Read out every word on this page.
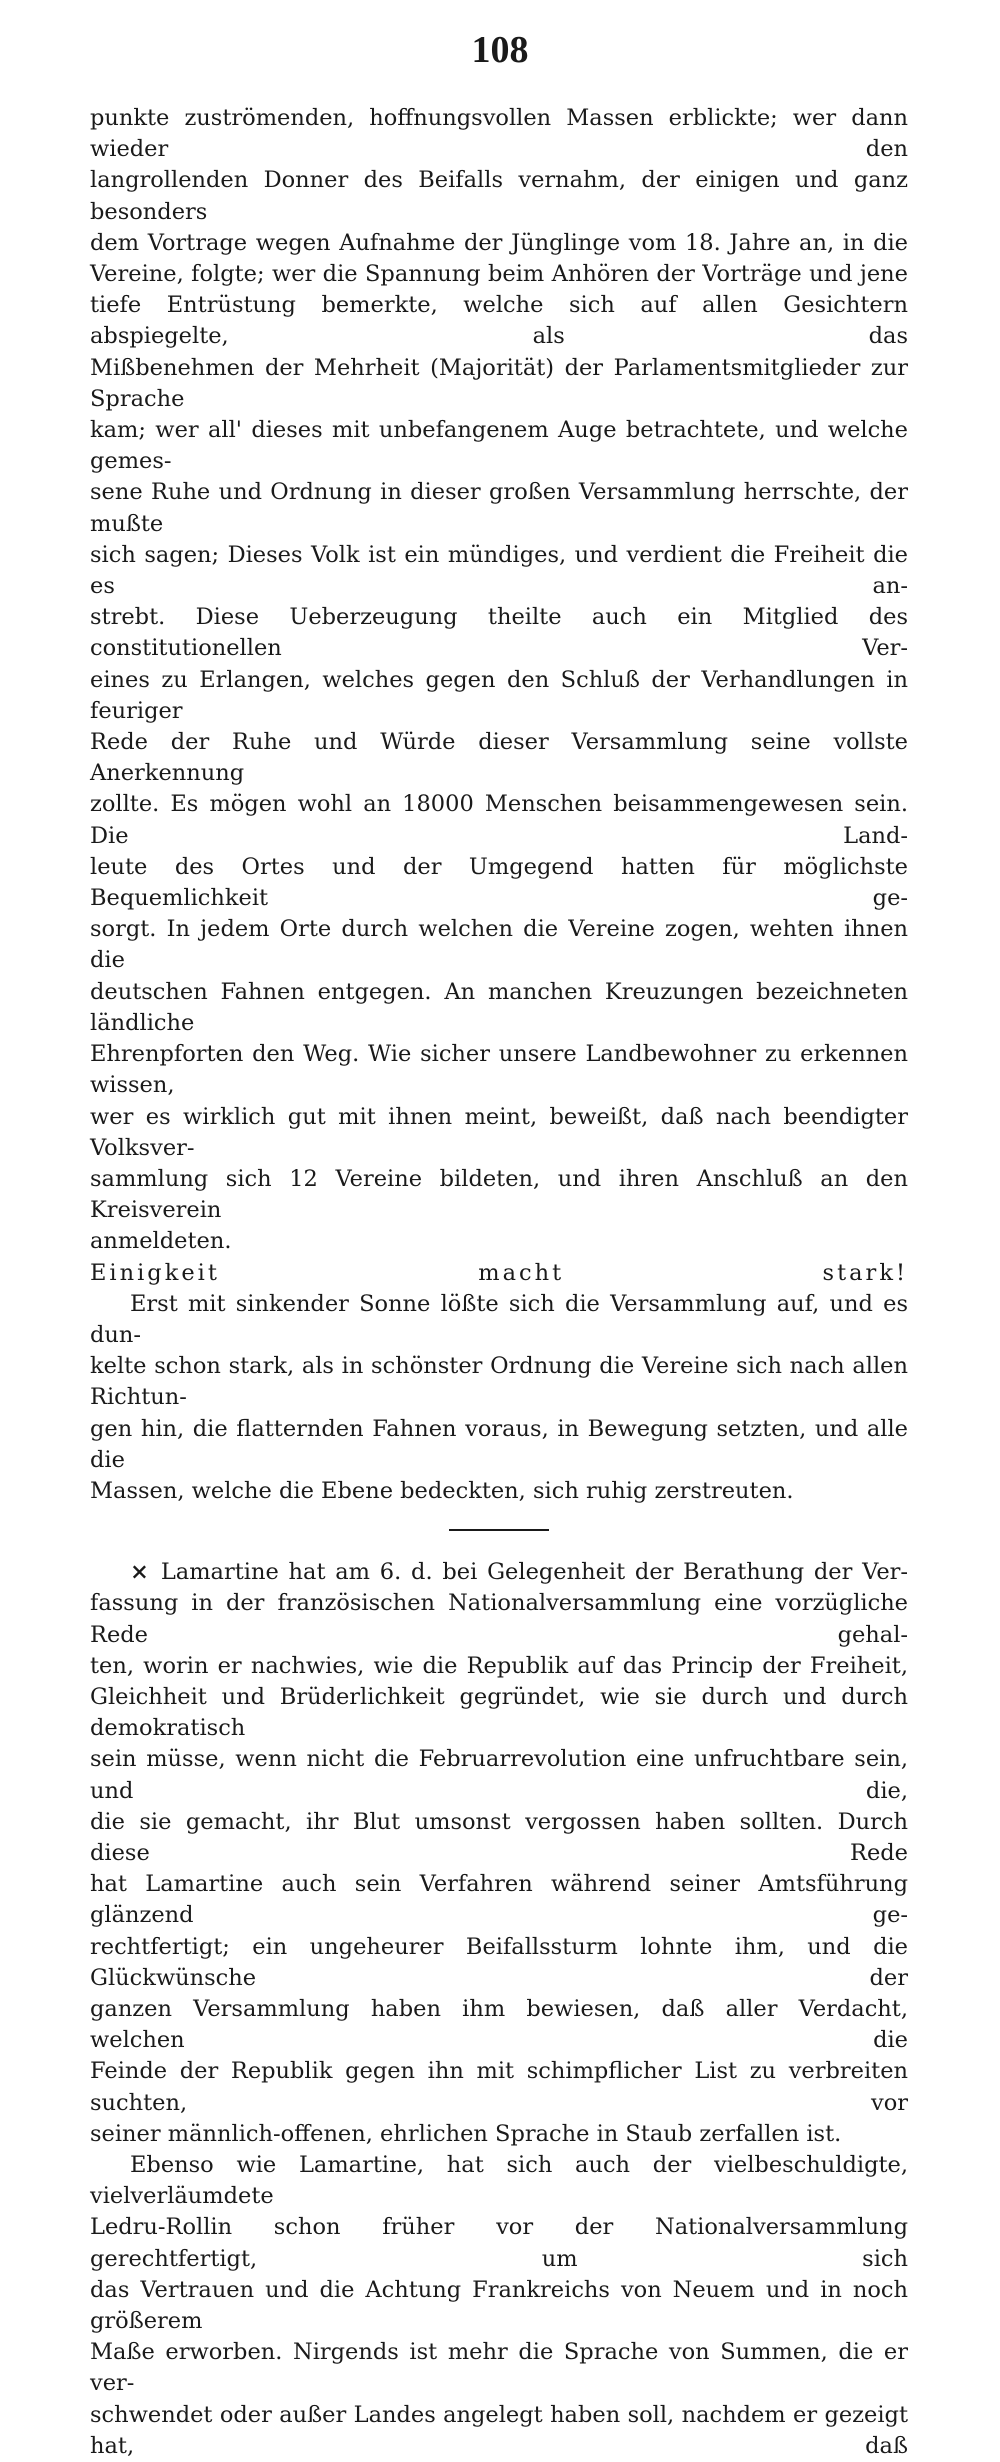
108

punkte zuströmenden, hoffnungsvollen Massen erblickte; wer dann wieder den
langrollenden Donner des Beifalls vernahm, der einigen und ganz besonders
dem Vortrage wegen Aufnahme der Jünglinge vom 18. Jahre an, in die
Vereine, folgte; wer die Spannung beim Anhören der Vorträge und jene
tiefe Entrüstung bemerkte, welche sich auf allen Gesichtern abspiegelte, als das
Mißbenehmen der Mehrheit (Majorität) der Parlamentsmitglieder zur Sprache
kam; wer all' dieses mit unbefangenem Auge betrachtete, und welche gemes-
sene Ruhe und Ordnung in dieser großen Versammlung herrschte, der mußte
sich sagen; Dieses Volk ist ein mündiges, und verdient die Freiheit die es an-
strebt. Diese Ueberzeugung theilte auch ein Mitglied des constitutionellen Ver-
eines zu Erlangen, welches gegen den Schluß der Verhandlungen in feuriger
Rede der Ruhe und Würde dieser Versammlung seine vollste Anerkennung
zollte. Es mögen wohl an 18000 Menschen beisammengewesen sein. Die Land-
leute des Ortes und der Umgegend hatten für möglichste Bequemlichkeit ge-
sorgt. In jedem Orte durch welchen die Vereine zogen, wehten ihnen die
deutschen Fahnen entgegen. An manchen Kreuzungen bezeichneten ländliche
Ehrenpforten den Weg. Wie sicher unsere Landbewohner zu erkennen wissen,
wer es wirklich gut mit ihnen meint, beweißt, daß nach beendigter Volksver-
sammlung sich 12 Vereine bildeten, und ihren Anschluß an den Kreisverein
anmeldeten.

Einigkeit macht stark!

Erst mit sinkender Sonne lößte sich die Versammlung auf, und es dun-
kelte schon stark, als in schönster Ordnung die Vereine sich nach allen Richtun-
gen hin, die flatternden Fahnen voraus, in Bewegung setzten, und alle die
Massen, welche die Ebene bedeckten, sich ruhig zerstreuten.

⨯ Lamartine hat am 6. d. bei Gelegenheit der Berathung der Ver-
fassung in der französischen Nationalversammlung eine vorzügliche Rede gehal-
ten, worin er nachwies, wie die Republik auf das Princip der Freiheit,
Gleichheit und Brüderlichkeit gegründet, wie sie durch und durch demokratisch
sein müsse, wenn nicht die Februarrevolution eine unfruchtbare sein, und die,
die sie gemacht, ihr Blut umsonst vergossen haben sollten. Durch diese Rede
hat Lamartine auch sein Verfahren während seiner Amtsführung glänzend ge-
rechtfertigt; ein ungeheurer Beifallssturm lohnte ihm, und die Glückwünsche der
ganzen Versammlung haben ihm bewiesen, daß aller Verdacht, welchen die
Feinde der Republik gegen ihn mit schimpflicher List zu verbreiten suchten, vor
seiner männlich-offenen, ehrlichen Sprache in Staub zerfallen ist.

Ebenso wie Lamartine, hat sich auch der vielbeschuldigte, vielverläumdete
Ledru-Rollin schon früher vor der Nationalversammlung gerechtfertigt, um sich
das Vertrauen und die Achtung Frankreichs von Neuem und in noch größerem
Maße erworben. Nirgends ist mehr die Sprache von Summen, die er ver-
schwendet oder außer Landes angelegt haben soll, nachdem er gezeigt hat, daß
